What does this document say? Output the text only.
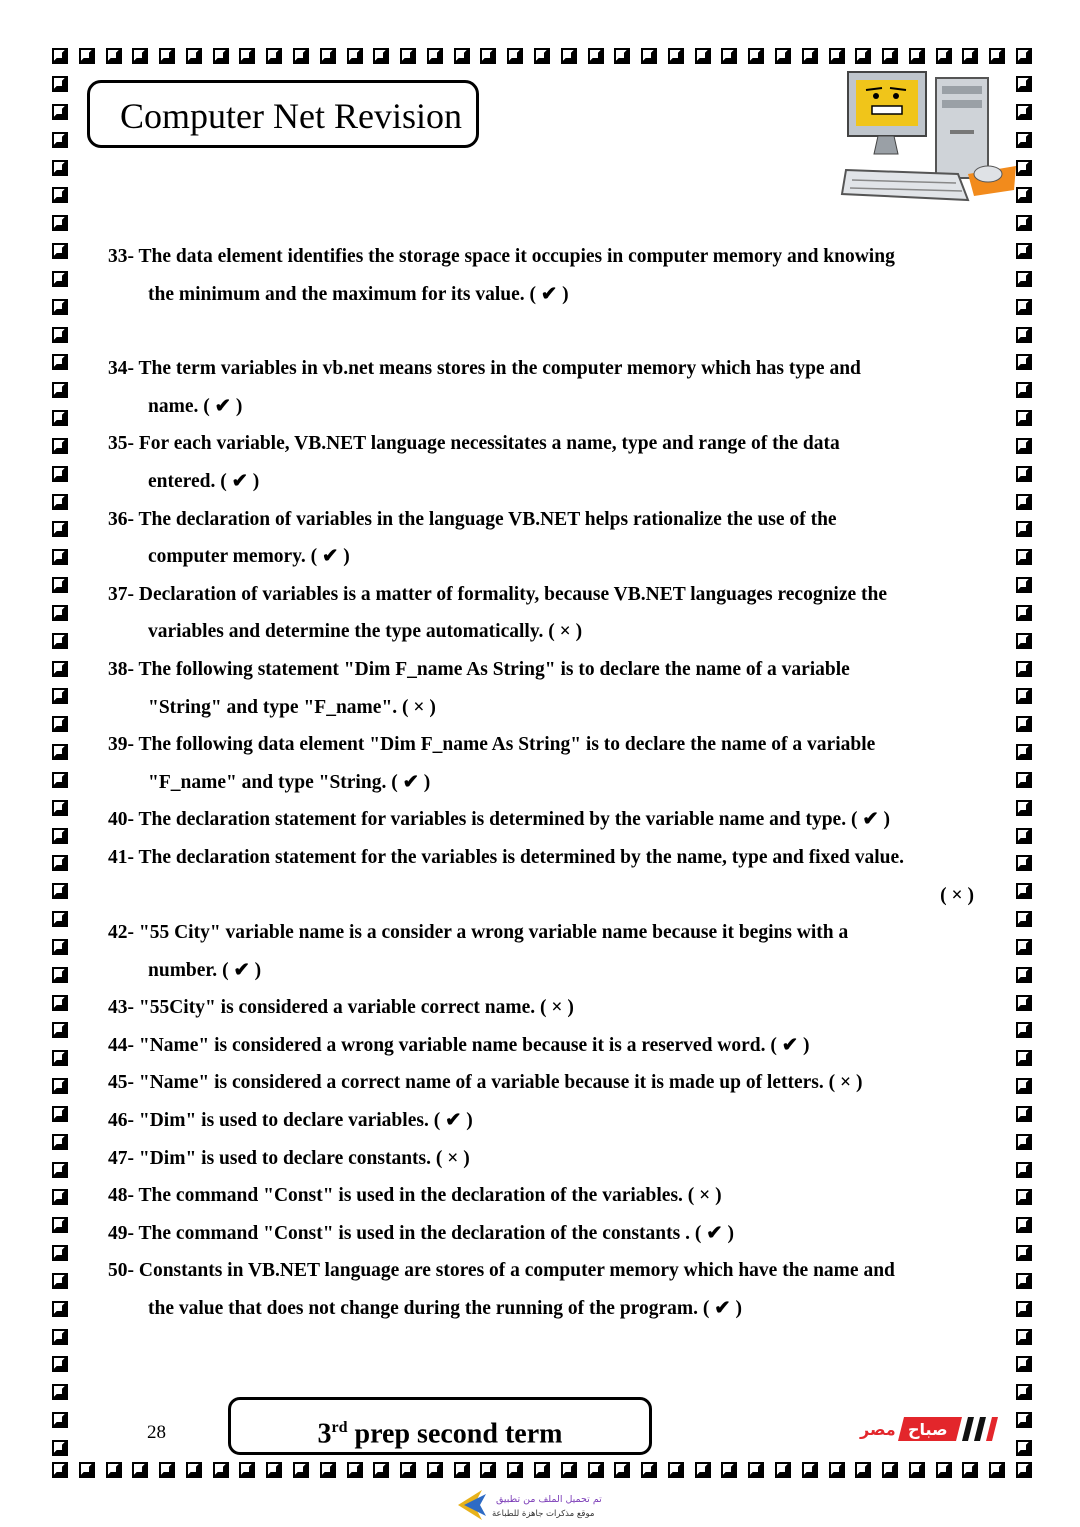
Computer Net Revision
33- The data element identifies the storage space it occupies in computer memory and knowing
the minimum and the maximum for its value. ( ✔ )
34- The term variables in vb.net means stores in the computer memory which has type and
name. ( ✔ )
35- For each variable, VB.NET language necessitates a name, type and range of the data
entered. ( ✔ )
36- The declaration of variables in the language VB.NET helps rationalize the use of the
computer memory. ( ✔ )
37- Declaration of variables is a matter of formality, because VB.NET languages recognize the
variables and determine the type automatically. ( × )
38- The following statement "Dim F_name As String" is to declare the name of a variable
"String" and type "F_name". ( × )
39- The following data element "Dim F_name As String" is to declare the name of a variable
"F_name" and type "String. ( ✔ )
40- The declaration statement for variables is determined by the variable name and type. ( ✔ )
41- The declaration statement for the variables is determined by the name, type and fixed value.
( × )
42- "55 City" variable name is a consider a wrong variable name because it begins with a
number. ( ✔ )
43- "55City" is considered a variable correct name. ( × )
44- "Name" is considered a wrong variable name because it is a reserved word. ( ✔ )
45- "Name" is considered a correct name of a variable because it is made up of letters. ( × )
46- "Dim" is used to declare variables. ( ✔ )
47- "Dim" is used to declare constants. ( × )
48- The command "Const" is used in the declaration of the variables. ( × )
49- The command "Const" is used in the declaration of the constants . ( ✔ )
50- Constants in VB.NET language are stores of a computer memory which have the name and
the value that does not change during the running of the program. ( ✔ )
28	3rd prep second term	مصر صباح
تم تحميل الملف من تطبيق
موقع مذكرات جاهزة للطباعة
